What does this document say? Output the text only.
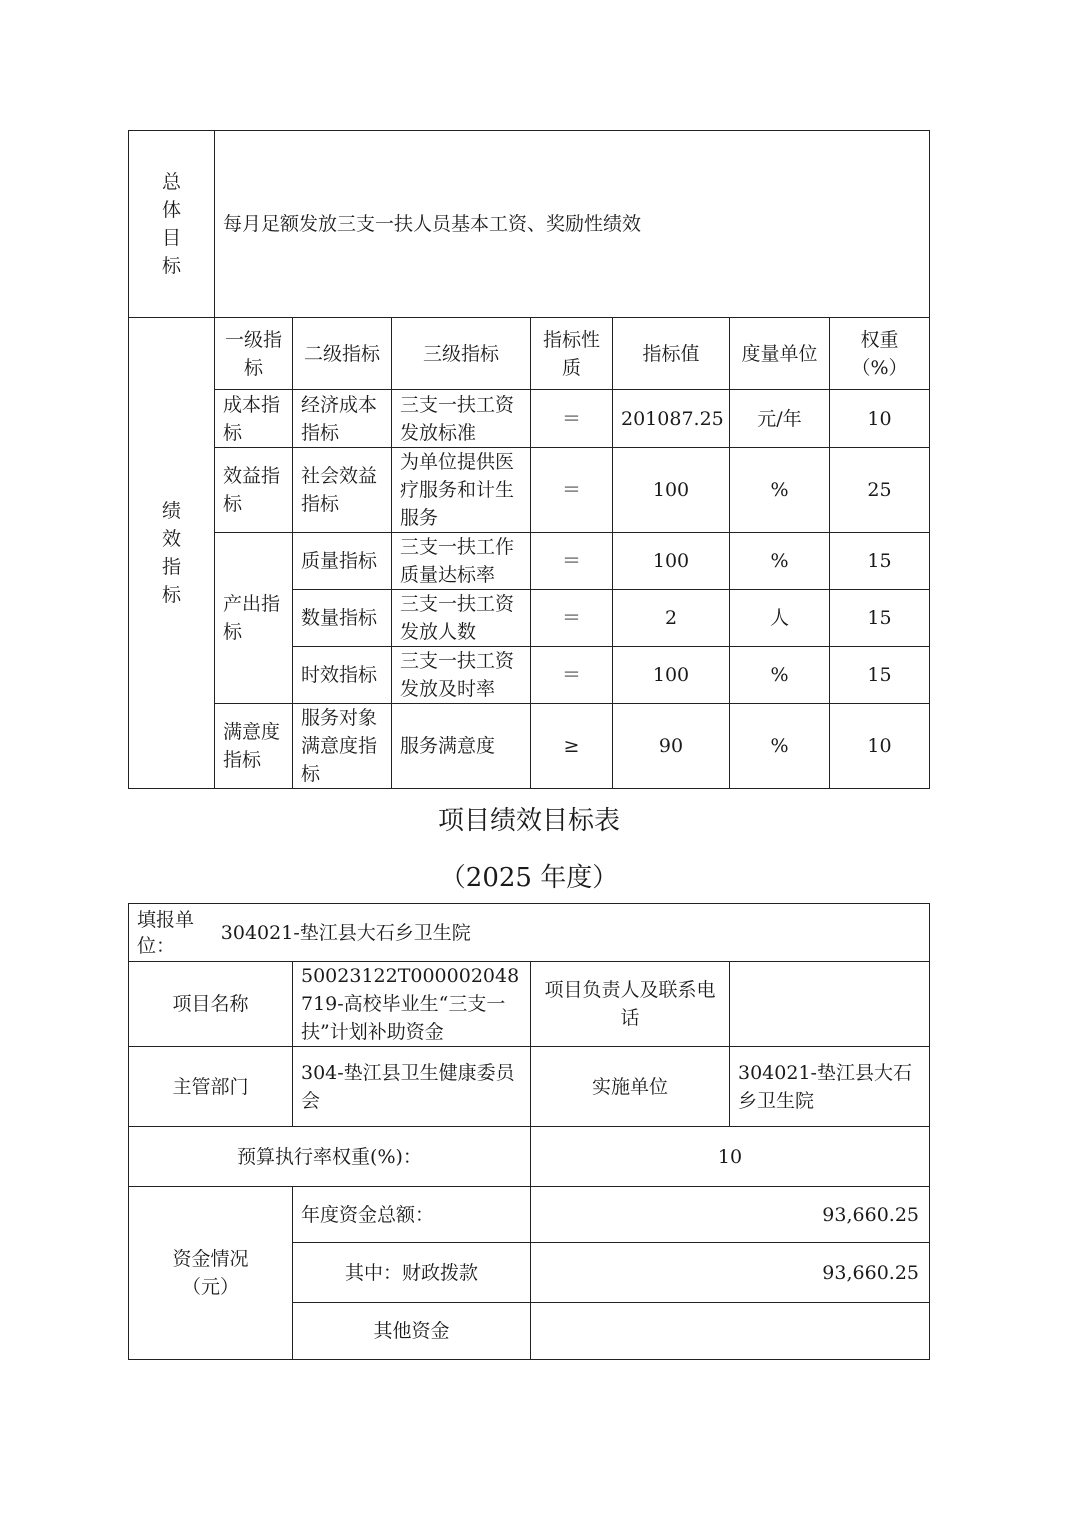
总体目标	每月足额发放三支一扶人员基本工资、奖励性绩效						

绩效指标	一级指标	二级指标	三级指标	指标性质	指标值	度量单位	权重（%）
	成本指标	经济成本指标	三支一扶工资发放标准	＝	201087.25	元/年	10
	效益指标	社会效益指标	为单位提供医疗服务和计生服务	＝	100	%	25
	产出指标	质量指标	三支一扶工作质量达标率	＝	100	%	15
		数量指标	三支一扶工资发放人数	＝	2	人	15
		时效指标	三支一扶工资发放及时率	＝	100	%	15
	满意度指标	服务对象满意度指标	服务满意度	≥	90	%	10
项目绩效目标表
（2025 年度）
填报单位：
304021-垫江县大石乡卫生院			

项目名称	50023122T000002048719-高校毕业生“三支一扶”计划补助资金	项目负责人及联系电话	
主管部门	304-垫江县卫生健康委员会	实施单位	304021-垫江县大石乡卫生院
预算执行率权重(%)：		10	
资金情况（元）	年度资金总额：	93,660.25	
	其中：财政拨款	93,660.25	
	其他资金		
